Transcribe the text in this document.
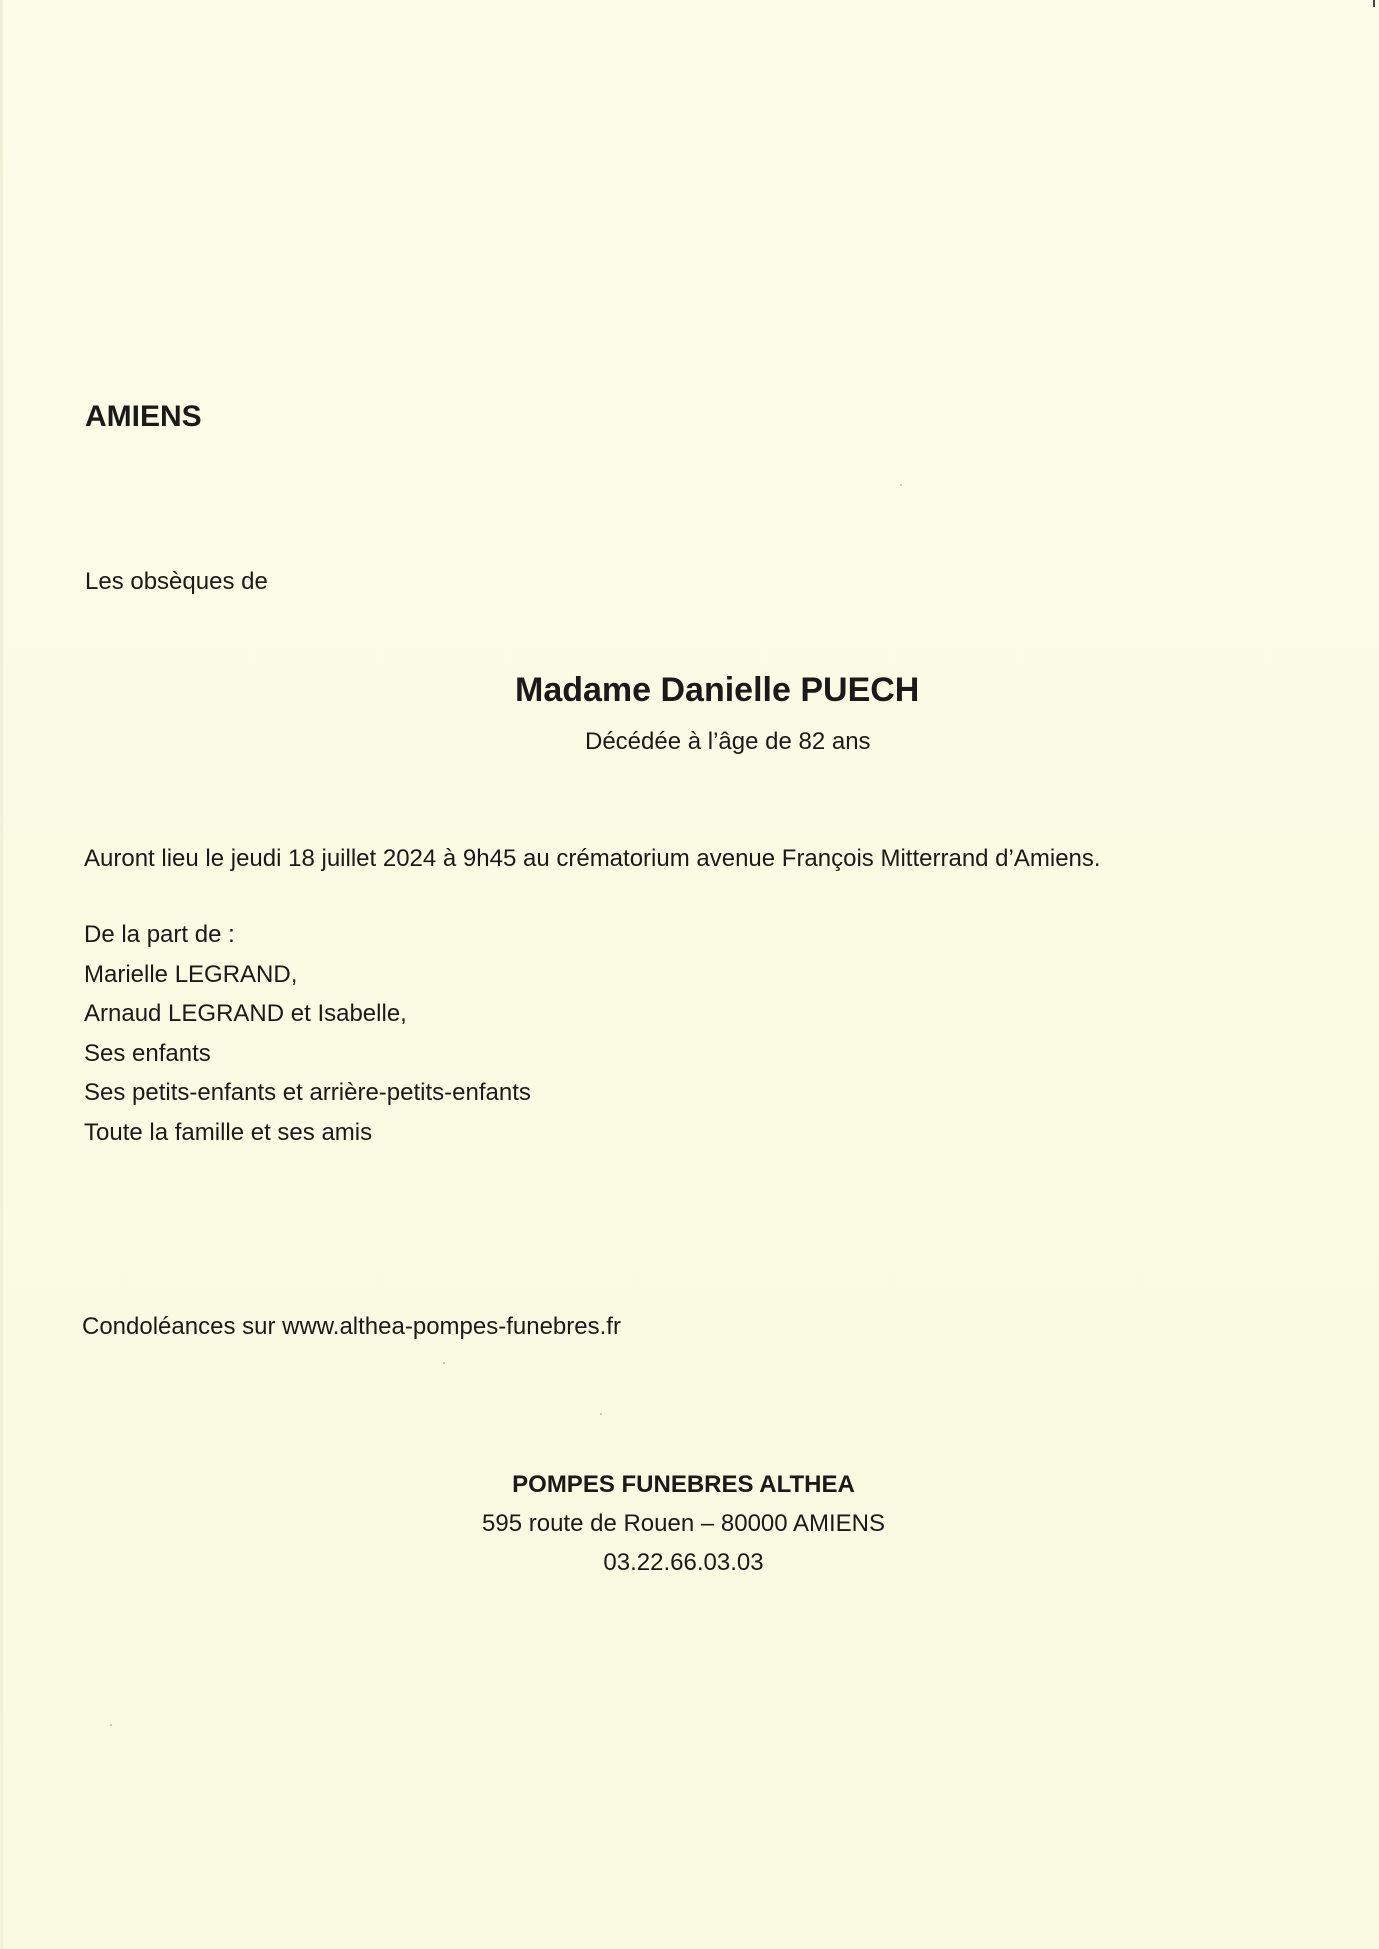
AMIENS
Les obsèques de
Madame Danielle PUECH
Décédée à l’âge de 82 ans
Auront lieu le jeudi 18 juillet 2024 à 9h45 au crématorium avenue François Mitterrand d’Amiens.
De la part de :
Marielle LEGRAND,
Arnaud LEGRAND et Isabelle,
Ses enfants
Ses petits-enfants et arrière-petits-enfants
Toute la famille et ses amis
Condoléances sur www.althea-pompes-funebres.fr
POMPES FUNEBRES ALTHEA
595 route de Rouen – 80000 AMIENS
03.22.66.03.03
